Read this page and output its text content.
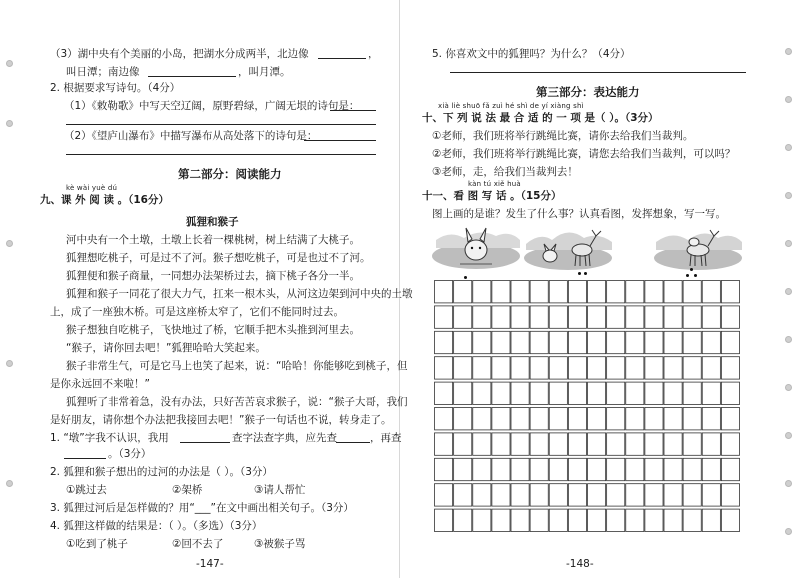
（3）湖中央有个美丽的小岛，把湖水分成两半，北边像	，
叫日潭；南边像	，叫月潭。
2. 根据要求写诗句。（4分）
（1）《敕勒歌》中写天空辽阔，原野碧绿，广阔无垠的诗句是：
（2）《望庐山瀑布》中描写瀑布从高处落下的诗句是：
第二部分：阅读能力
kè wài yuè dú
九、课 外 阅 读 。（16分）
狐狸和猴子
河中央有一个土墩，土墩上长着一棵桃树，树上结满了大桃子。
狐狸想吃桃子，可是过不了河。猴子想吃桃子，可是也过不了河。
狐狸便和猴子商量，一同想办法架桥过去，摘下桃子各分一半。
狐狸和猴子一同花了很大力气，扛来一根木头，从河这边架到河中央的土墩
上，成了一座独木桥。可是这座桥太窄了，它们不能同时过去。
猴子想独自吃桃子，飞快地过了桥，它顺手把木头推到河里去。
“猴子，请你回去吧！”狐狸哈哈大笑起来。
猴子非常生气，可是它马上也笑了起来，说：“哈哈！你能够吃到桃子，但
是你永远回不来啦！”
狐狸听了非常着急，没有办法，只好苦苦哀求猴子，说：“猴子大哥，我们
是好朋友，请你想个办法把我接回去吧！”猴子一句话也不说，转身走了。
1. “墩”字我不认识，我用	查字法查字典，应先查	，再查
。（3分）
2. 狐狸和猴子想出的过河的办法是（ ）。（3分）
①跳过去	②架桥	③请人帮忙
3. 狐狸过河后是怎样做的？用“___”在文中画出相关句子。（3分）
4. 狐狸这样做的结果是：（ ）。（多选）（3分）
①吃到了桃子	②回不去了	③被猴子骂
-147-
5. 你喜欢文中的狐狸吗？为什么？（4分）
第三部分：表达能力
xià liè shuō fǎ zuì hé shì de yí xiàng shì
十、下 列 说 法 最 合 适 的 一 项 是（ ）。（3分）
①老师，我们班将举行跳绳比赛，请你去给我们当裁判。
②老师，我们班将举行跳绳比赛，请您去给我们当裁判，可以吗？
③老师，走，给我们当裁判去！
kàn tú xiě huà
十一、看 图 写 话 。（15分）
图上画的是谁？发生了什么事？认真看图，发挥想象，写一写。
-148-
